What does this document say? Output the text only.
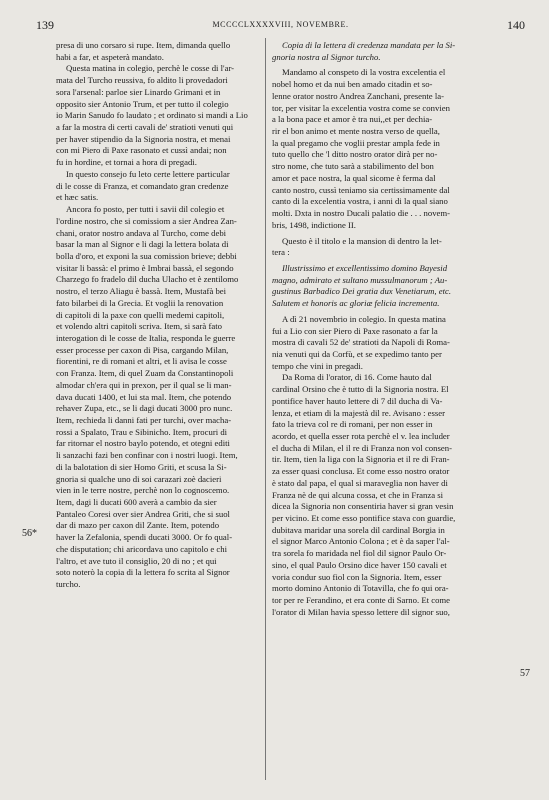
139	MCCCCLXXXXVIII, NOVEMBRE.	140
presa di uno corsaro si rupe. Item, dimanda quello
habi a far, et aspeterà mandato.
Questa matina in colegio, perchè le cosse di l'ar-
mata del Turcho reussiva, fo aldito li provedadori
sora l'arsenal: parloe sier Linardo Grimani et in
opposito sier Antonio Trum, et per tutto il colegio
io Marin Sanudo fo laudato ; et ordinato si mandi a Lio
a far la mostra di certi cavali de' stratioti venuti qui
per haver stipendio da la Signoria nostra, et menai
con mi Piero di Paxe rasonato et cussì andai; non
fu in hordine, et tornai a hora di pregadi.
In questo consejo fu leto certe lettere particular
di le cosse di Franza, et comandato gran credenze
et hæc satis.
Ancora fo posto, per tutti i savii dil colegio et
l'ordine nostro, che si comissiom a sier Andrea Zan-
chani, orator nostro andava al Turcho, come debi
basar la man al Signor e li dagi la lettera bolata di
bolla d'oro, et exponi la sua comission brieve; debbi
visitar li bassà: el primo è Imbrai bassà, el segondo
Charzego fo fradelo dil ducha Ulacho et è zentilomo
nostro, el terzo Aliagu è bassà. Item, Mustafà bei
fato bilarbei di la Grecia. Et voglii la renovation
di capitoli di la paxe con quelli medemi capitoli,
et volendo altri capitoli scriva. Item, si sarà fato
interogation di le cosse de Italia, responda le guerre
esser processe per caxon di Pisa, cargando Milan,
fiorentini, re di romani et altri, et li avisa le cosse
con Franza. Item, di quel Zuam da Constantinopoli
almodar ch'era qui in prexon, per il qual se li man-
dava ducati 1400, et lui sta mal. Item, che potendo
rehaver Zupa, etc., se li dagi ducati 3000 pro nunc.
Item, rechieda li danni fati per turchi, over macha-
rossi a Spalato, Trau e Sibinicho. Item, procuri di
far ritornar el nostro baylo potendo, et otegni editi
li sanzachi fazi ben confinar con i nostri luogi. Item,
di la balotation di sier Homo Griti, et scusa la Si-
gnoria si qualche uno di soi carazari zoè dacieri
vien in le terre nostre, perchè non lo cognoscemo.
Item, dagi li ducati 600 averà a cambio da sier
Pantaleo Coresi over sier Andrea Griti, che si suol
dar di mazo per caxon dil Zante. Item, potendo
haver la Zefalonia, spendi ducati 3000. Or fo qual-
che disputation; chi aricordava uno capitolo e chi
l'altro, et ave tuto il consiglio, 20 di no ; et qui
soto noterò la copia di la lettera fo scrita al Signor
turcho.
Copia di la lettera di credenza mandata per la Si-
gnoria nostra al Signor turcho.
Mandamo al conspeto di la vostra excelentia el
nobel homo et da nui ben amado citadin et so-
lenne orator nostro Andrea Zanchani, presente la-
tor, per visitar la excelentia vostra come se convien
a la bona pace et amor è tra nui,,et per dechia-
rir el bon animo et mente nostra verso de quella,
la qual pregamo che voglii prestar ampla fede in
tuto quello che 'l ditto nostro orator dirà per no-
stro nome, che tuto sarà a stabilimento del bon
amor et pace nostra, la qual sicome è ferma dal
canto nostro, cussì teniamo sia certissimamente dal
canto di la excelentia vostra, i anni di la qual siano
molti. Dxta in nostro Ducali palatio die . . . novem-
bris, 1498, indictione II.
Questo è il titolo e la mansion di dentro la let-
tera :
Illustrissimo et excellentissimo domino Bayesid
magno, admirato et sultano mussulmanorum ; Au-
gustinus Barbadico Dei gratia dux Venetiarum, etc.
Salutem et honoris ac gloriæ felicia incrementa.
A dì 21 novembrio in colegio. In questa matina
fui a Lio con sier Piero di Paxe rasonato a far la
mostra di cavali 52 de' stratioti da Napoli di Roma-
nia venuti qui da Corfù, et se expedimo tanto per
tempo che vini in pregadi.
Da Roma di l'orator, di 16. Come hauto dal
cardinal Orsino che è tutto di la Signoria nostra. El
pontifice haver hauto lettere di 7 dil ducha di Va-
lenza, et etiam di la majestà dil re. Avisano : esser
fato la trieva col re di romani, per non esser in
acordo, et quella esser rota perchè el v. lea includer
el ducha di Milan, el il re di Franza non vol consen-
tir. Item, tien la liga con la Signoria et il re di Fran-
za esser quasi conclusa. Et come esso nostro orator
è stato dal papa, el qual si maraveglia non haver di
Franza nè de qui alcuna cossa, et che in Franza si
dicea la Signoria non consentiria haver si gran vesin
per vicino. Et come esso pontifice stava con guardie,
dubitava maridar una sorela dil cardinal Borgia in
el signor Marco Antonio Colona ; et è da saper l'al-
tra sorela fo maridada nel fiol dil signor Paulo Or-
sino, el qual Paulo Orsino dice haver 150 cavali et
voria condur suo fiol con la Signoria. Item, esser
morto domino Antonio di Totavilla, che fo qui ora-
tor per re Ferandino, et era conte di Sarno. Et come
l'orator di Milan havia spesso lettere dil signor suo,
56*
57
